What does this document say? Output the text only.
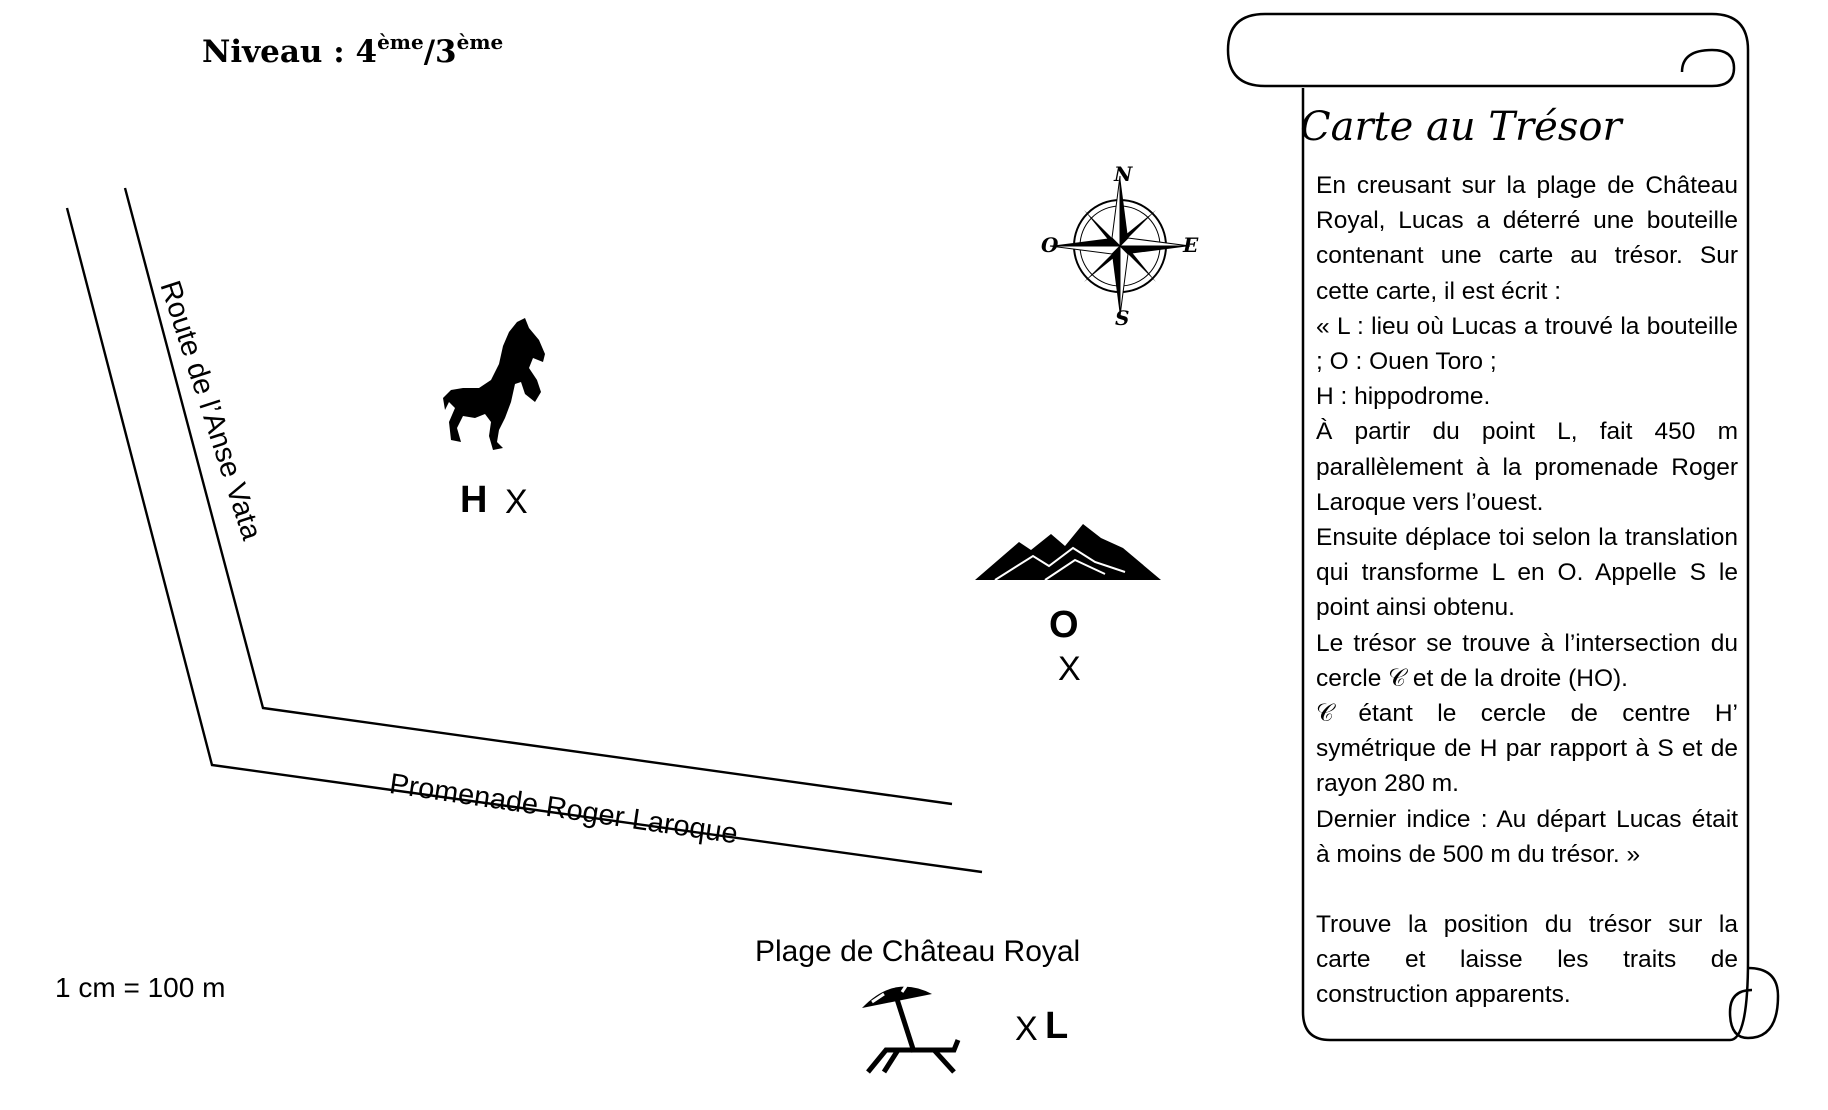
Niveau : 4ème/3ème
N
S
E
O
Route de l’Anse Vata
Promenade Roger Laroque
H X
O
X
X L
Plage de Château Royal
1 cm = 100 m
Carte au Trésor

En creusant sur la plage de Château Royal, Lucas a déterré une bouteille contenant une carte au trésor. Sur cette carte, il est écrit :

« L : lieu où Lucas a trouvé la bouteille ; O : Ouen Toro ;

H : hippodrome.

À partir du point L, fait 450 m parallèlement à la promenade Roger Laroque vers l’ouest.

Ensuite déplace toi selon la translation qui transforme L en O. Appelle S le point ainsi obtenu.

Le trésor se trouve à l’intersection du cercle 𝒞 et de la droite (HO).

𝒞 étant le cercle de centre H’ symétrique de H par rapport à S et de rayon 280 m.

Dernier indice : Au départ Lucas était à moins de 500 m du trésor. »

Trouve la position du trésor sur la carte et laisse les traits de construction apparents.
